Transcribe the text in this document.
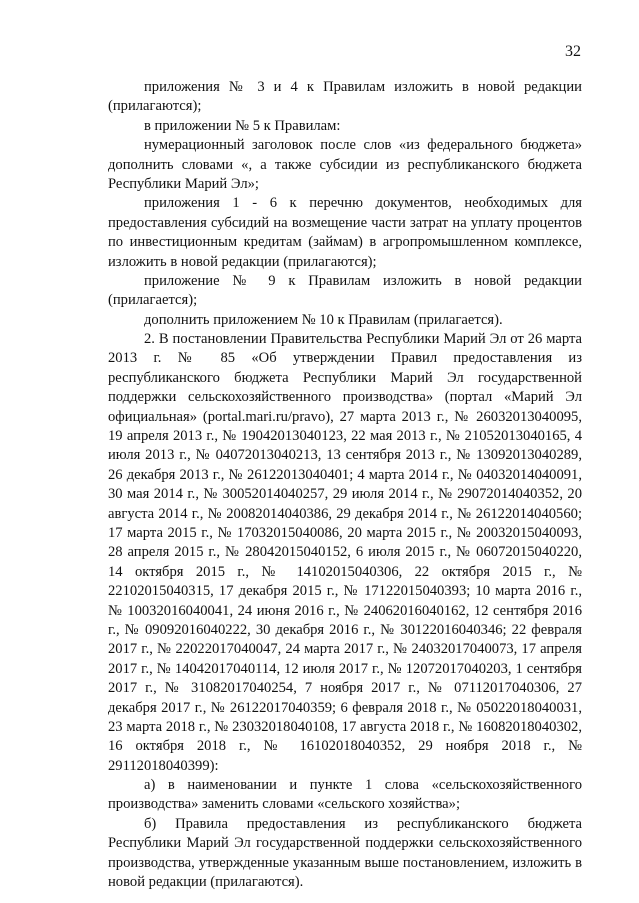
32

приложения № 3 и 4 к Правилам изложить в новой редакции (прилагаются);

в приложении № 5 к Правилам:

нумерационный заголовок после слов «из федерального бюджета» дополнить словами «, а также субсидии из республиканского бюджета Республики Марий Эл»;

приложения 1 - 6 к перечню документов, необходимых для предоставления субсидий на возмещение части затрат на уплату процентов по инвестиционным кредитам (займам) в агропромышленном комплексе, изложить в новой редакции (прилагаются);

приложение № 9 к Правилам изложить в новой редакции (прилагается);

дополнить приложением № 10 к Правилам (прилагается).

2. В постановлении Правительства Республики Марий Эл от 26 марта 2013 г. № 85 «Об утверждении Правил предоставления из республиканского бюджета Республики Марий Эл государственной поддержки сельскохозяйственного производства» (портал «Марий Эл официальная» (portal.mari.ru/pravo), 27 марта 2013 г., № 26032013040095, 19 апреля 2013 г., № 19042013040123, 22 мая 2013 г., № 21052013040165, 4 июля 2013 г., № 04072013040213, 13 сентября 2013 г., № 13092013040289, 26 декабря 2013 г., № 26122013040401; 4 марта 2014 г., № 04032014040091, 30 мая 2014 г., № 30052014040257, 29 июля 2014 г., № 29072014040352, 20 августа 2014 г., № 20082014040386, 29 декабря 2014 г., № 26122014040560; 17 марта 2015 г., № 17032015040086, 20 марта 2015 г., № 20032015040093, 28 апреля 2015 г., № 28042015040152, 6 июля 2015 г., № 06072015040220, 14 октября 2015 г., № 14102015040306, 22 октября 2015 г., № 22102015040315, 17 декабря 2015 г., № 17122015040393; 10 марта 2016 г., № 10032016040041, 24 июня 2016 г., № 24062016040162, 12 сентября 2016 г., № 09092016040222, 30 декабря 2016 г., № 30122016040346; 22 февраля 2017 г., № 22022017040047, 24 марта 2017 г., № 24032017040073, 17 апреля 2017 г., № 14042017040114, 12 июля 2017 г., № 12072017040203, 1 сентября 2017 г., № 31082017040254, 7 ноября 2017 г., № 07112017040306, 27 декабря 2017 г., № 26122017040359; 6 февраля 2018 г., № 05022018040031, 23 марта 2018 г., № 23032018040108, 17 августа 2018 г., № 16082018040302, 16 октября 2018 г., № 16102018040352, 29 ноября 2018 г., № 29112018040399):

а) в наименовании и пункте 1 слова «сельскохозяйственного производства» заменить словами «сельского хозяйства»;

б) Правила предоставления из республиканского бюджета Республики Марий Эл государственной поддержки сельскохозяйственного производства, утвержденные указанным выше постановлением, изложить в новой редакции (прилагаются).
